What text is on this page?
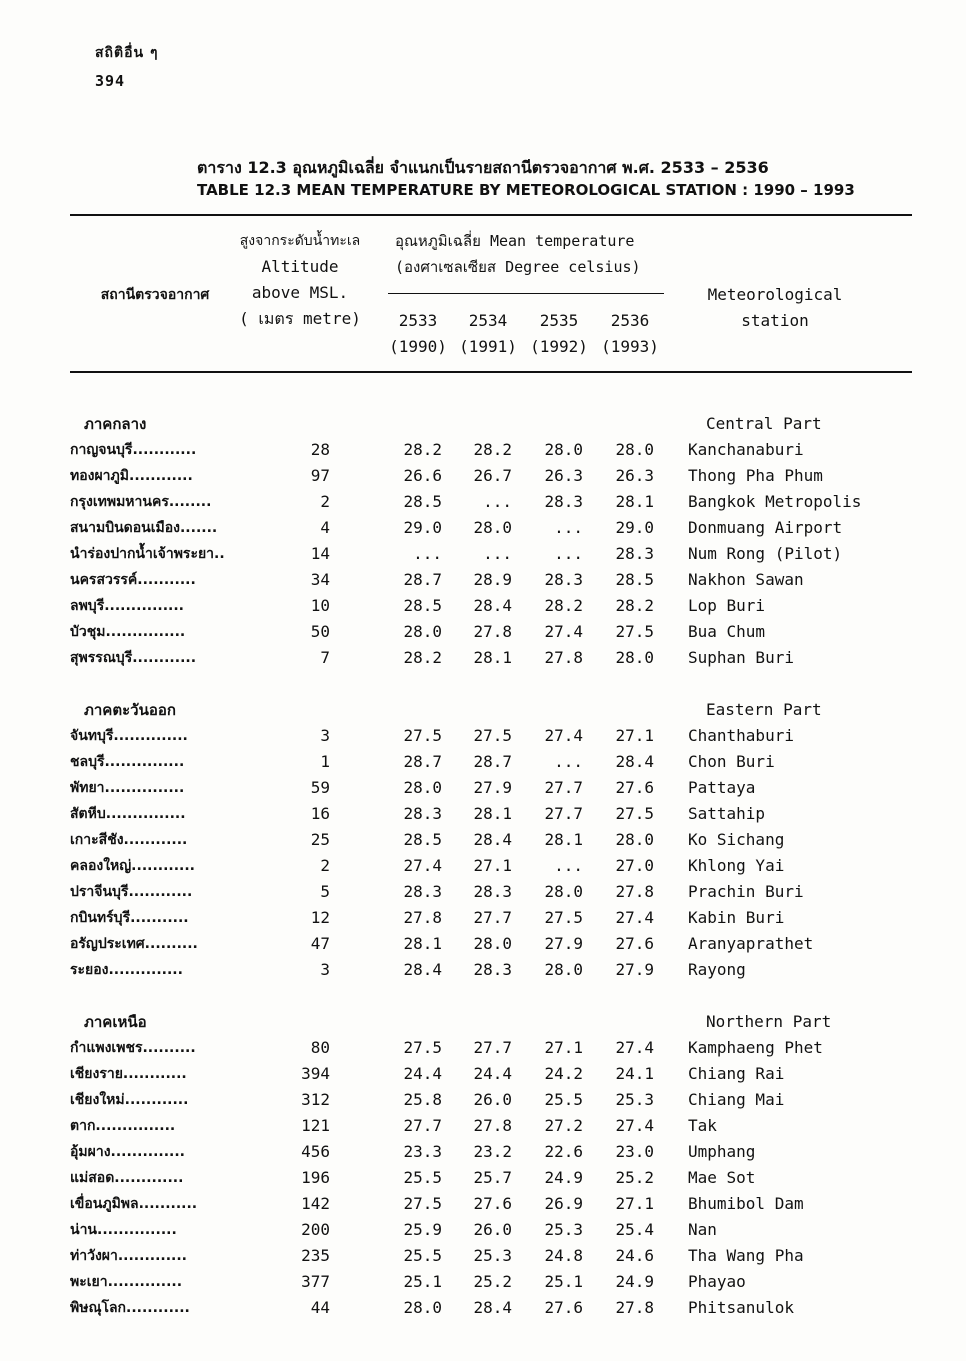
สถิติอื่น ๆ
394
ตาราง 12.3 อุณหภูมิเฉลี่ย จำแนกเป็นรายสถานีตรวจอากาศ พ.ศ. 2533 – 2536
TABLE 12.3 MEAN TEMPERATURE BY METEOROLOGICAL STATION : 1990 – 1993
สูงจากระดับน้ำทะเล
Altitude
above MSL.
( เมตร metre)
สถานีตรวจอากาศ
อุณหภูมิเฉลี่ย Mean temperature
(องศาเซลเซียส Degree celsius)
2533	2534	2535	2536
(1990) (1991) (1992) (1993)
Meteorological
station
ภาคกลาง	Central Part
กาญจนบุรี............	28	28.2	28.2	28.0	28.0 Kanchanaburi
ทองผาภูมิ............	97	26.6	26.7	26.3	26.3 Thong Pha Phum
กรุงเทพมหานคร........	2	28.5	...	28.3	28.1 Bangkok Metropolis
สนามบินดอนเมือง.......	4	29.0	28.0	...	29.0 Donmuang Airport
นำร่องปากน้ำเจ้าพระยา..	14	...	...	...	28.3 Num Rong (Pilot)
นครสวรรค์...........	34	28.7	28.9	28.3	28.5 Nakhon Sawan
ลพบุรี...............	10	28.5	28.4	28.2	28.2 Lop Buri
บัวชุม...............	50	28.0	27.8	27.4	27.5 Bua Chum
สุพรรณบุรี............	7	28.2	28.1	27.8	28.0 Suphan Buri
ภาคตะวันออก	Eastern Part
จันทบุรี..............	3	27.5	27.5	27.4	27.1 Chanthaburi
ชลบุรี...............	1	28.7	28.7	...	28.4 Chon Buri
พัทยา...............	59	28.0	27.9	27.7	27.6 Pattaya
สัตหีบ...............	16	28.3	28.1	27.7	27.5 Sattahip
เกาะสีชัง............	25	28.5	28.4	28.1	28.0 Ko Sichang
คลองใหญ่............	2	27.4	27.1	...	27.0 Khlong Yai
ปราจีนบุรี............	5	28.3	28.3	28.0	27.8 Prachin Buri
กบินทร์บุรี...........	12	27.8	27.7	27.5	27.4 Kabin Buri
อรัญประเทศ..........	47	28.1	28.0	27.9	27.6 Aranyaprathet
ระยอง..............	3	28.4	28.3	28.0	27.9 Rayong
ภาคเหนือ	Northern Part
กำแพงเพชร..........	80	27.5	27.7	27.1	27.4 Kamphaeng Phet
เชียงราย............	394	24.4	24.4	24.2	24.1 Chiang Rai
เชียงใหม่............	312	25.8	26.0	25.5	25.3 Chiang Mai
ตาก...............	121	27.7	27.8	27.2	27.4 Tak
อุ้มผาง..............	456	23.3	23.2	22.6	23.0 Umphang
แม่สอด.............	196	25.5	25.7	24.9	25.2 Mae Sot
เขื่อนภูมิพล...........	142	27.5	27.6	26.9	27.1 Bhumibol Dam
น่าน...............	200	25.9	26.0	25.3	25.4 Nan
ท่าวังผา.............	235	25.5	25.3	24.8	24.6 Tha Wang Pha
พะเยา..............	377	25.1	25.2	25.1	24.9 Phayao
พิษณุโลก............	44	28.0	28.4	27.6	27.8 Phitsanulok
